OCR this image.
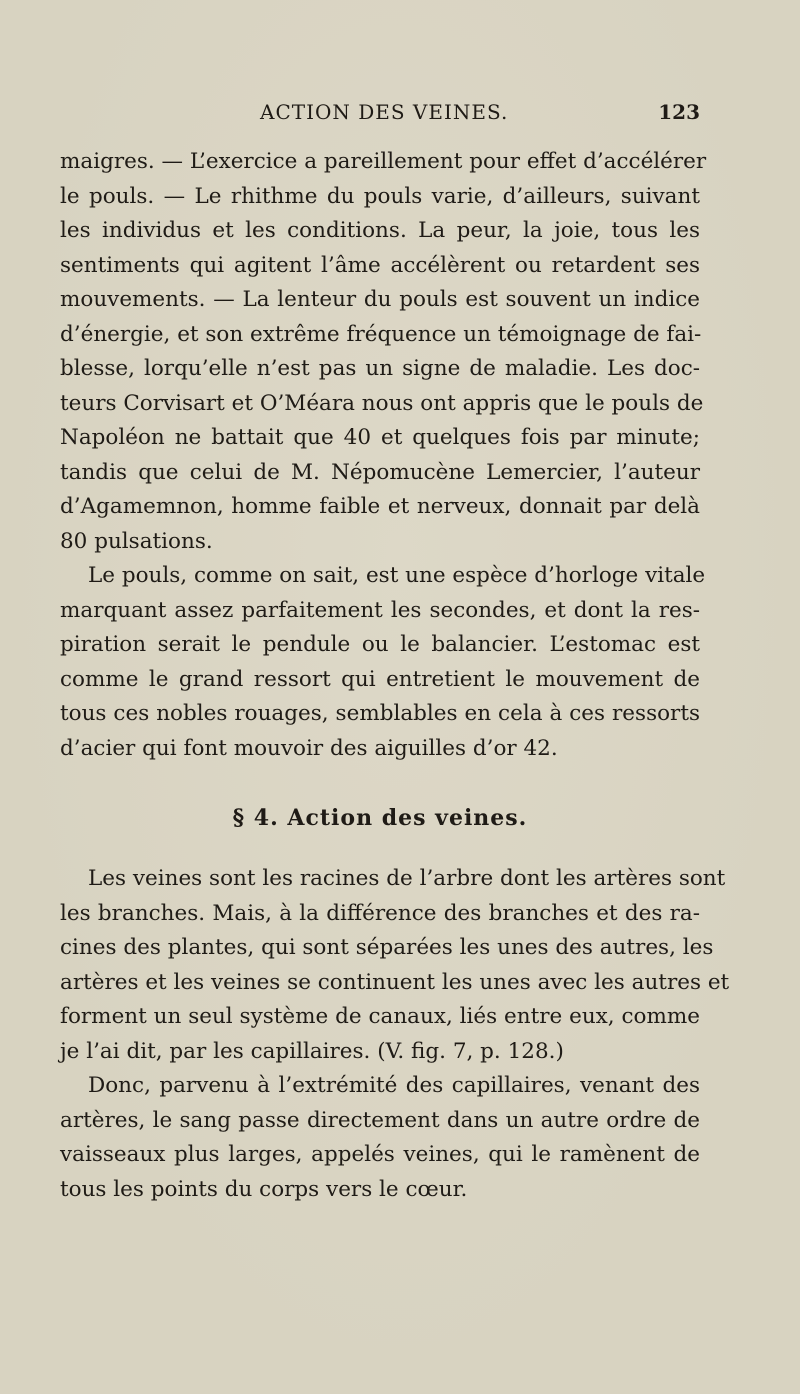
ACTION DES VEINES.	123
maigres. — L’exercice a pareillement pour effet d’accélérer
le pouls. — Le rhithme du pouls varie, d’ailleurs, suivant
les individus et les conditions. La peur, la joie, tous les
sentiments qui agitent l’âme accélèrent ou retardent ses
mouvements. — La lenteur du pouls est souvent un indice
d’énergie, et son extrême fréquence un témoignage de fai-
blesse, lorqu’elle n’est pas un signe de maladie. Les doc-
teurs Corvisart et O’Méara nous ont appris que le pouls de
Napoléon ne battait que 40 et quelques fois par minute;
tandis que celui de M. Népomucène Lemercier, l’auteur
d’Agamemnon, homme faible et nerveux, donnait par delà
80 pulsations.
Le pouls, comme on sait, est une espèce d’horloge vitale
marquant assez parfaitement les secondes, et dont la res-
piration serait le pendule ou le balancier. L’estomac est
comme le grand ressort qui entretient le mouvement de
tous ces nobles rouages, semblables en cela à ces ressorts
d’acier qui font mouvoir des aiguilles d’or 42.
§ 4. Action des veines.
Les veines sont les racines de l’arbre dont les artères sont
les branches. Mais, à la différence des branches et des ra-
cines des plantes, qui sont séparées les unes des autres, les
artères et les veines se continuent les unes avec les autres et
forment un seul système de canaux, liés entre eux, comme
je l’ai dit, par les capillaires. (V. fig. 7, p. 128.)
Donc, parvenu à l’extrémité des capillaires, venant des
artères, le sang passe directement dans un autre ordre de
vaisseaux plus larges, appelés veines, qui le ramènent de
tous les points du corps vers le cœur.
